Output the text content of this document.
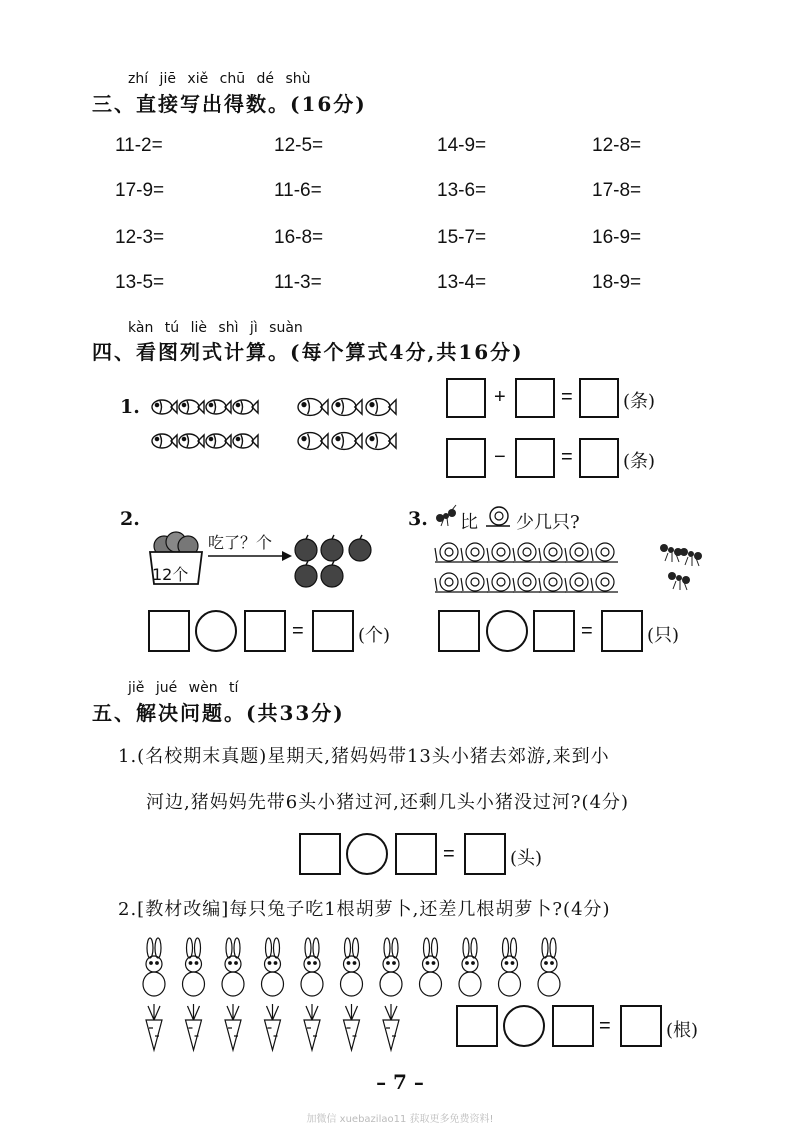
zhí jiē xiě chū dé shù
三、直接写出得数。(16分)
11-2=	12-5=	14-9=	12-8=
17-9=	11-6=	13-6=	17-8=
12-3=	16-8=	15-7=	16-9=
13-5=	11-3=	13-4=	18-9=
kàn tú liè shì jì suàn
四、看图列式计算。(每个算式4分,共16分)
1.	+	=	(条)
−	=	(条)
2.
12个
吃了？个
=	(个)
3. 比 少几只?
=	(只)
jiě jué wèn tí
五、解决问题。(共33分)
1.(名校期末真题)星期天,猪妈妈带13头小猪去郊游,来到小
河边,猪妈妈先带6头小猪过河,还剩几头小猪没过河?(4分)
=	(头)
2.[教材改编]每只兔子吃1根胡萝卜,还差几根胡萝卜?(4分)
=	(根)
– 7 –
加微信 xuebazilao11 获取更多免费资料!
